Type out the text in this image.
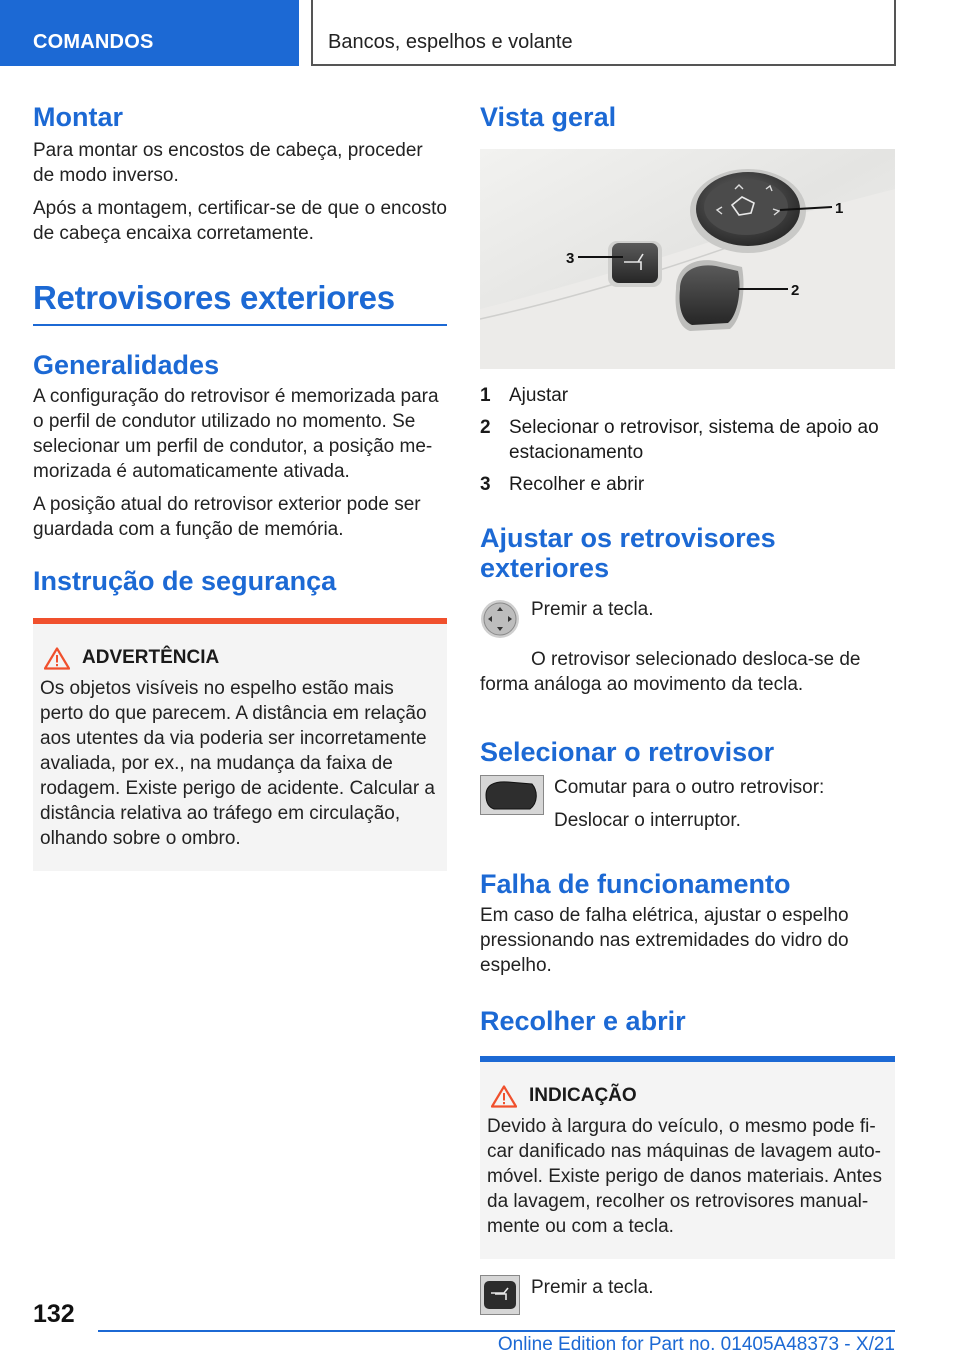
COMANDOS	Bancos, espelhos e volante
Montar

Para montar os encostos de cabeça, proceder de modo inverso.

Após a montagem, certificar-se de que o encosto de cabeça encaixa corretamente.

Retrovisores exteriores
Generalidades

A configuração do retrovisor é memorizada para o perfil de condutor utilizado no momento. Se selecionar um perfil de condutor, a posição memorizada é automaticamente ativada.

A posição atual do retrovisor exterior pode ser guardada com a função de memória.

Instrução de segurança
ADVERTÊNCIA

Os objetos visíveis no espelho estão mais perto do que parecem. A distância em relação aos utentes da via poderia ser incorretamente avaliada, por ex., na mudança da faixa de rodagem. Existe perigo de acidente. Calcular a distância relativa ao tráfego em circulação, olhando sobre o ombro.

Vista geral
1
2
3
1 Ajustar
2 Selecionar o retrovisor, sistema de apoio ao estacionamento
3 Recolher e abrir
Ajustar os retrovisores exteriores

Premir a tecla.

O retrovisor selecionado desloca-se de forma análoga ao movimento da tecla.

Selecionar o retrovisor

Comutar para o outro retrovisor:

Deslocar o interruptor.

Falha de funcionamento

Em caso de falha elétrica, ajustar o espelho pressionando nas extremidades do vidro do espelho.

Recolher e abrir
INDICAÇÃO

Devido à largura do veículo, o mesmo pode ficar danificado nas máquinas de lavagem automóvel. Existe perigo de danos materiais. Antes da lavagem, recolher os retrovisores manualmente ou com a tecla.

Premir a tecla.

132
Online Edition for Part no. 01405A48373 - X/21
